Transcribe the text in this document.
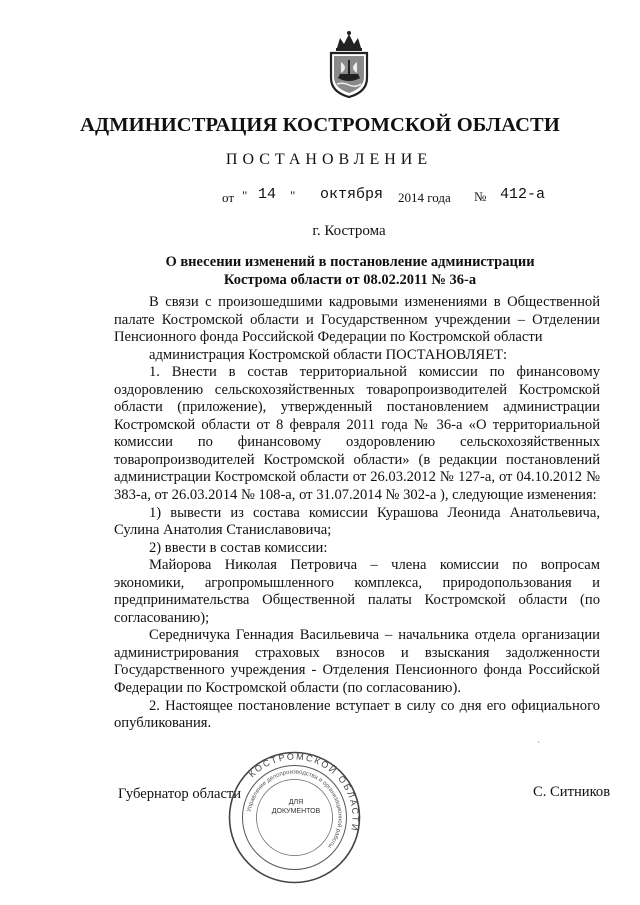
АДМИНИСТРАЦИЯ КОСТРОМСКОЙ ОБЛАСТИ
ПОСТАНОВЛЕНИЕ
от " 14 " октября 2014 года № 412-а
г. Кострома
О внесении изменений в постановление администрации
Кострома области от 08.02.2011 № 36-а

В связи с произошедшими кадровыми изменениями в Общественной палате Костромской области и Государственном учреждении – Отделении Пенсионного фонда Российской Федерации по Костромской области

администрация Костромской области ПОСТАНОВЛЯЕТ:

1. Внести в состав территориальной комиссии по финансовому оздоровлению сельскохозяйственных товаропроизводителей Костромской области (приложение), утвержденный постановлением администрации Костромской области от 8 февраля 2011 года № 36-а «О территориальной комиссии по финансовому оздоровлению сельскохозяйственных товаропроизводителей Костромской области» (в редакции постановлений администрации Костромской области от 26.03.2012 № 127-а, от 04.10.2012 № 383-а, от 26.03.2014 № 108-а, от 31.07.2014 № 302-а ), следующие изменения:

1) вывести из состава комиссии Курашова Леонида Анатольевича, Сулина Анатолия Станиславовича;

2) ввести в состав комиссии:

Майорова Николая Петровича – члена комиссии по вопросам экономики, агропромышленного комплекса, природопользования и предпринимательства Общественной палаты Костромской области (по согласованию);

Середничука Геннадия Васильевича – начальника отдела организации администрирования страховых взносов и взыскания задолженности Государственного учреждения - Отделения Пенсионного фонда Российской Федерации по Костромской области (по согласованию).

2. Настоящее постановление вступает в силу со дня его официального опубликования.

ˋ
Губернатор области	С. Ситников
КОСТРОМСКОЙ ОБЛАСТИ
Управление делопроизводства и организационной работы
ДЛЯ
ДОКУМЕНТОВ
